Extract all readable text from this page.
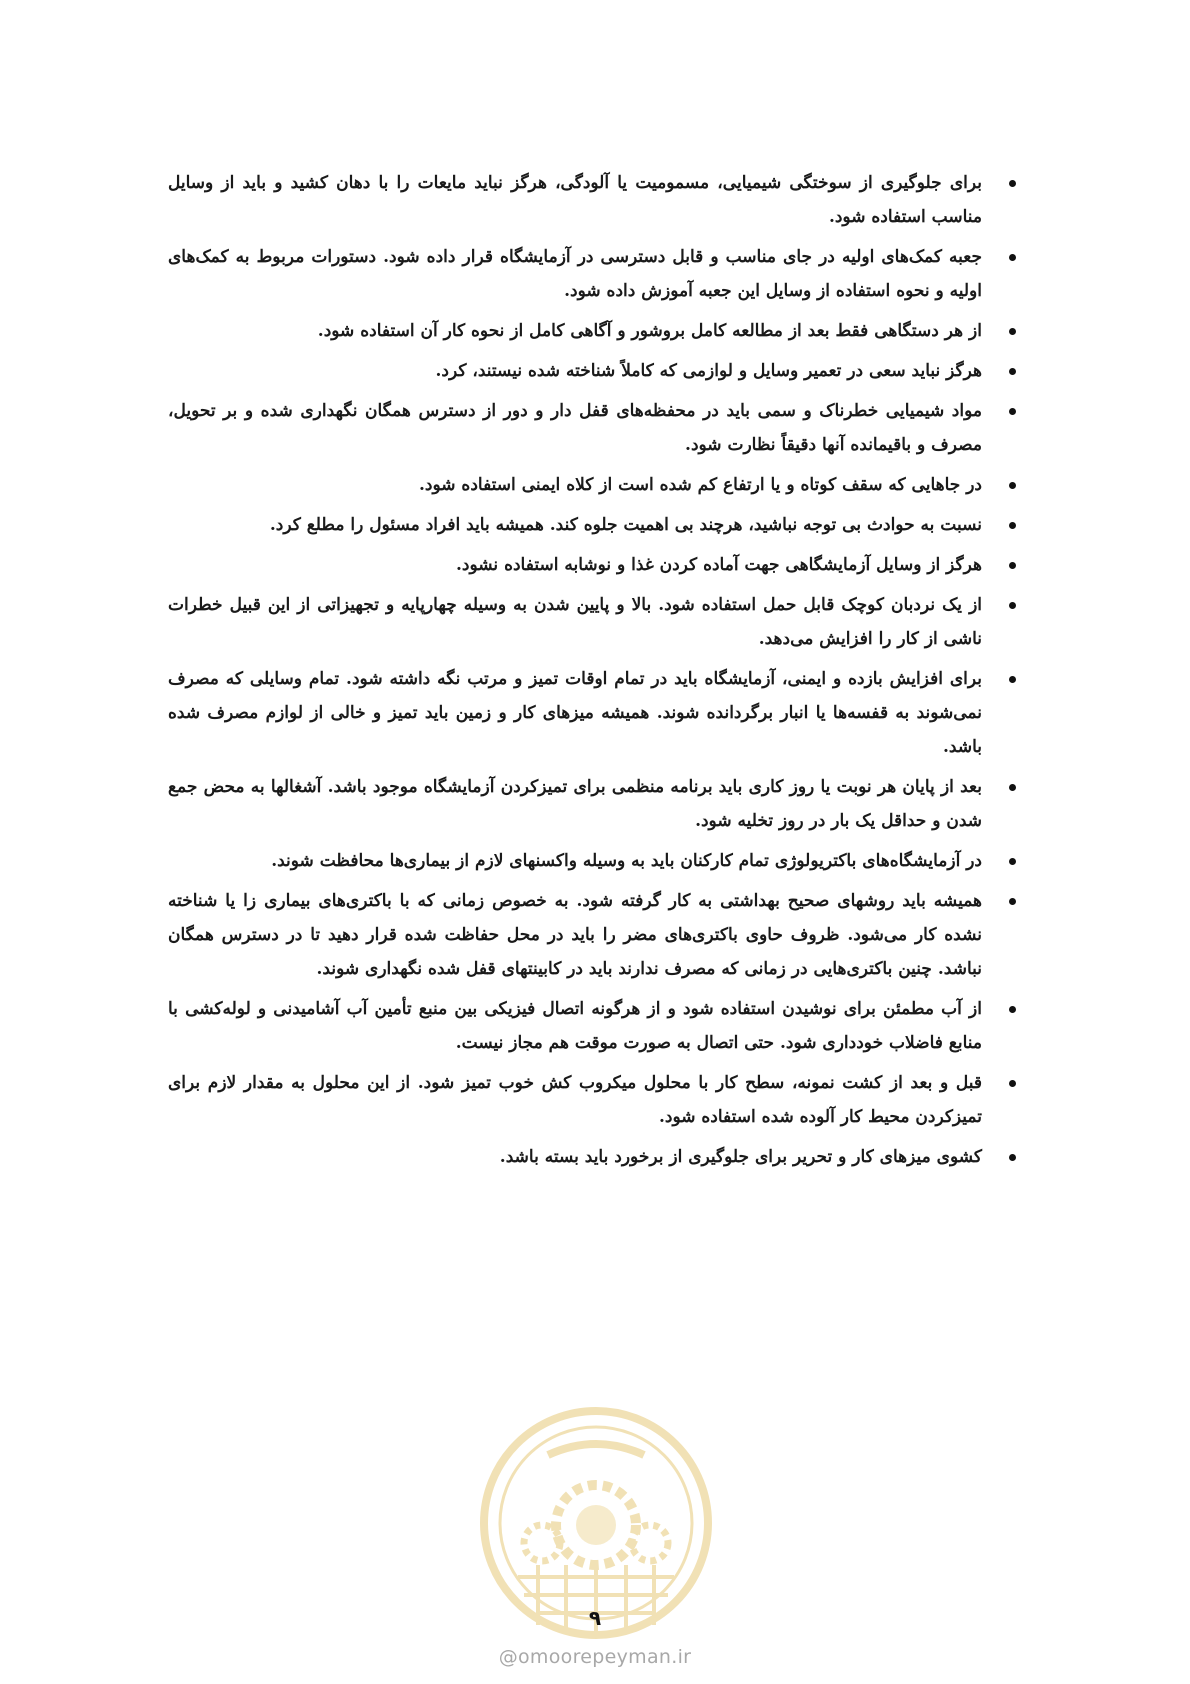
برای جلوگیری از سوختگی شیمیایی، مسمومیت یا آلودگی، هرگز نباید مایعات را با دهان کشید و باید از وسایل مناسب استفاده شود.
جعبه کمک‌های اولیه در جای مناسب و قابل دسترسی در آزمایشگاه قرار داده شود. دستورات مربوط به کمک‌های اولیه و نحوه استفاده از وسایل این جعبه آموزش داده شود.
از هر دستگاهی فقط بعد از مطالعه کامل بروشور و آگاهی کامل از نحوه کار آن استفاده شود.
هرگز نباید سعی در تعمیر وسایل و لوازمی که کاملاً شناخته شده نیستند، کرد.
مواد شیمیایی خطرناک و سمی باید در محفظه‌های قفل دار و دور از دسترس همگان نگهداری شده و بر تحویل، مصرف و باقیمانده آنها دقیقاً نظارت شود.
در جاهایی که سقف کوتاه و یا ارتفاع کم شده است از کلاه ایمنی استفاده شود.
نسبت به حوادث بی توجه نباشید، هرچند بی اهمیت جلوه کند. همیشه باید افراد مسئول را مطلع کرد.
هرگز از وسایل آزمایشگاهی جهت آماده کردن غذا و نوشابه استفاده نشود.
از یک نردبان کوچک قابل حمل استفاده شود. بالا و پایین شدن به وسیله چهارپایه و تجهیزاتی از این قبیل خطرات ناشی از کار را افزایش می‌دهد.
برای افزایش بازده و ایمنی، آزمایشگاه باید در تمام اوقات تمیز و مرتب نگه داشته شود. تمام وسایلی که مصرف نمی‌شوند به قفسه‌ها یا انبار برگردانده شوند. همیشه میزهای کار و زمین باید تمیز و خالی از لوازم مصرف شده باشد.
بعد از پایان هر نوبت یا روز کاری باید برنامه منظمی برای تمیزکردن آزمایشگاه موجود باشد. آشغالها به محض جمع شدن و حداقل یک بار در روز تخلیه شود.
در آزمایشگاه‌های باکتریولوژی تمام کارکنان باید به وسیله واکسنهای لازم از بیماری‌ها محافظت شوند.
همیشه باید روشهای صحیح بهداشتی به کار گرفته شود. به خصوص زمانی که با باکتری‌های بیماری زا یا شناخته نشده کار می‌شود. ظروف حاوی باکتری‌های مضر را باید در محل حفاظت شده قرار دهید تا در دسترس همگان نباشد. چنین باکتری‌هایی در زمانی که مصرف ندارند باید در کابینتهای قفل شده نگهداری شوند.
از آب مطمئن برای نوشیدن استفاده شود و از هرگونه اتصال فیزیکی بین منبع تأمین آب آشامیدنی و لوله‌کشی با منابع فاضلاب خودداری شود. حتی اتصال به صورت موقت هم مجاز نیست.
قبل و بعد از کشت نمونه، سطح کار با محلول میکروب کش خوب تمیز شود. از این محلول به مقدار لازم برای تمیزکردن محیط کار آلوده شده استفاده شود.
کشوی میزهای کار و تحریر برای جلوگیری از برخورد باید بسته باشد.
۹
@omoorepeyman.ir
